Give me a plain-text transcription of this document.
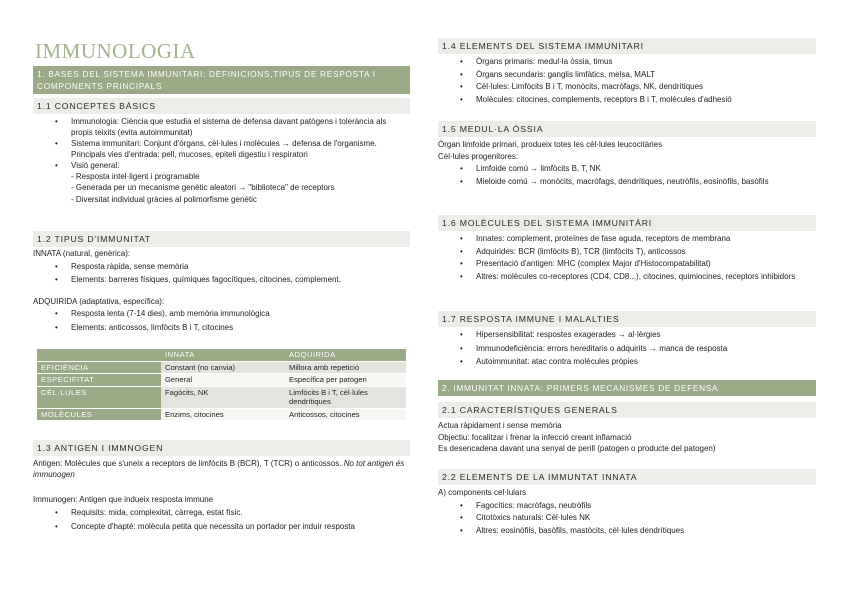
IMMUNOLOGIA
1. BASES DEL SISTEMA IMMUNITARI: DEFINICIONS,TIPUS DE RESPOSTA I COMPONENTS PRINCIPALS
1.1 CONCEPTES BÀSICS
• Immunologia: Ciència que estudia el sistema de defensa davant patògens i tolerància als propis teixits (evita autoimmunitat)
• Sistema immunitari: Conjunt d'òrgans, cèl·lules i molècules → defensa de l'organisme. Principals vies d'entrada: pell, mucoses, epiteli digestiu i respiratori
• Visió general:
- Resposta intel·ligent i programable
- Generada per un mecanisme genètic aleatori → "biblioteca" de receptors
- Diversitat individual gràcies al polimorfisme genètic
1.2 TIPUS D'IMMUNITAT

INNATA (natural, genèrica):

• Resposta ràpida, sense memòria
• Elements: barreres físiques, químiques fagocítiques, citocines, complement.

ADQUIRIDA (adaptativa, específica):

• Resposta lenta (7-14 dies), amb memòria immunològica
• Elements: anticossos, limfòcits B i T, citocines
	INNATA	ADQUIRIDA
EFICIÈNCIA	Constant (no canvia)	Millora amb repetició
ESPECIFITAT	General	Específica per patogen
CÈL·LULES	Fagòcits, NK	Limfòcits B i T, cèl·lules dendrítiques
MOLÈCULES	Enzims, citocines	Anticossos, citocines
1.3 ANTIGEN I IMMNOGEN

Antigen: Molècules que s'uneix a receptors de limfòcits B (BCR), T (TCR) o anticossos. No tot antigen és immunogen

Immunogen: Antigen que indueix resposta immune

• Requisits: mida, complexitat, càrrega, estat físic.
• Concepte d'hapté: molècula petita que necessita un portador per induir resposta
1.4 ELEMENTS DEL SISTEMA IMMUNITARI
• Òrgans primaris: medul·la òssia, timus
• Òrgans secundaris: ganglis limfàtics, melsa, MALT
• Cèl·lules: Limfòcits B i T, monòcits, macròfags, NK, dendrítiques
• Molècules: citocines, complements, receptors B i T, molècules d'adhesió
1.5 MEDUL·LA ÒSSIA

Òrgan limfoide primari, produeix totes les cèl·lules leucocitàries

Cèl·lules progenitores:

• Limfoide comú → limfòcits B, T, NK
• Mieloide comú → monòcits, macròfags, dendrítiques, neutròfils, eosinòfils, basòfils
1.6 MOLÈCULES DEL SISTEMA IMMUNITÀRI
• Innates: complement, proteïnes de fase aguda, receptors de membrana
• Adquirides: BCR (limfòcits B), TCR (limfòcits T), anticossos
• Presentació d'antigen: MHC (complex Major d'Histocompatabilitat)
• Altres: molècules co-receptores (CD4, CD8...), citocines, quimiocines, receptors inhibidors
1.7 RESPOSTA IMMUNE I MALALTIES
• Hipersensibilitat: respostes exagerades → al·lèrgies
• Immunodeficiència: errors hereditaris o adquirits → manca de resposta
• Autoimmunitat: atac contra molècules pròpies
2. IMMUNITAT INNATA: PRIMERS MECANISMES DE DEFENSA
2.1 CARACTERÍSTIQUES GENERALS

Actua ràpidament i sense memòria

Objectiu: focalitzar i frenar la infecció creant inflamació

Es desencadena davant una senyal de perill (patogen o producte del patogen)

2.2 ELEMENTS DE LA IMMUNTAT INNATA

A) components cel·lulars

• Fagocítics: macròfags, neutròfils
• Citotòxics naturals: Cèl·lules NK
• Altres: eosinòfils, basòfils, mastòcits, cèl·lules dendrítiques
